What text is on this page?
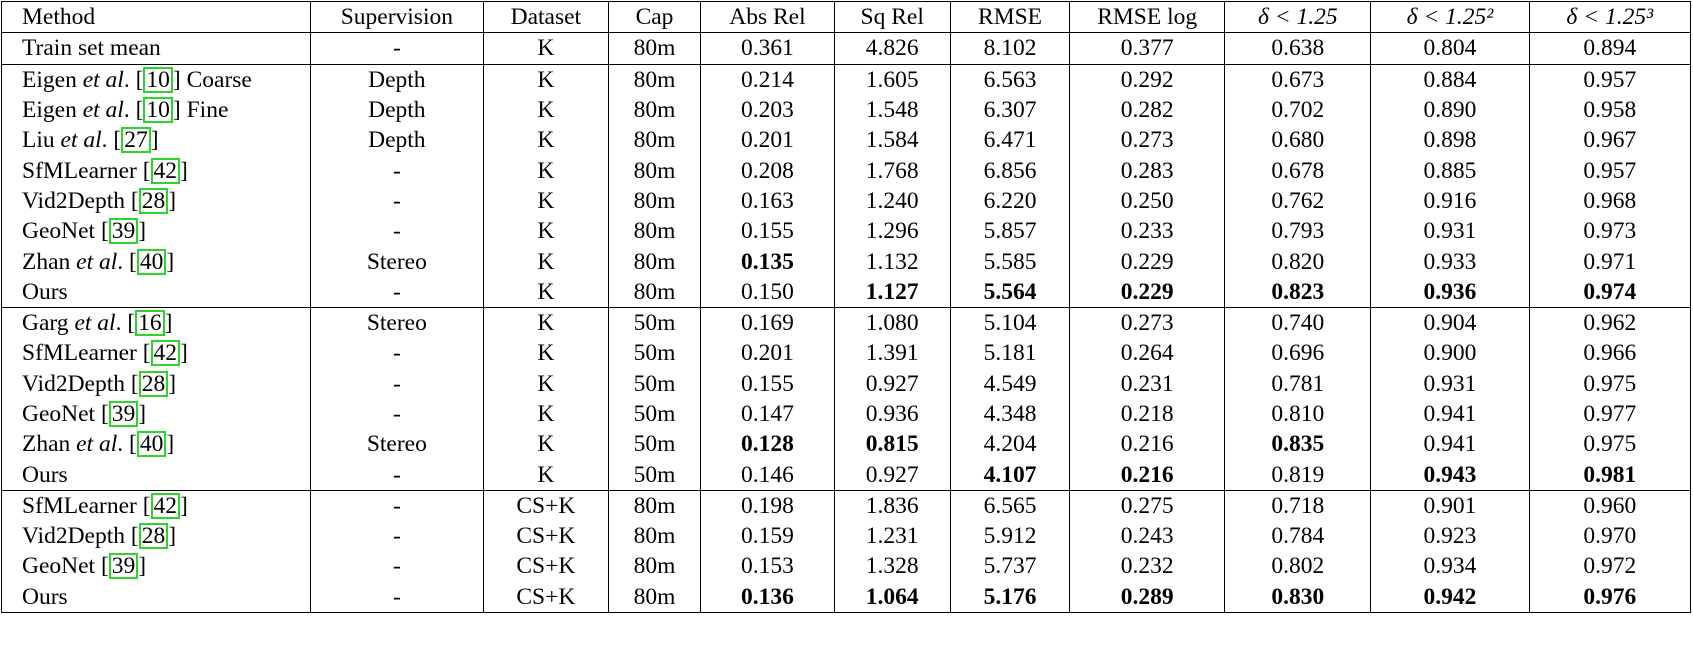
Method	Supervision	Dataset	Cap	Abs Rel	Sq Rel	RMSE	RMSE log	δ < 1.25	δ < 1.25²	δ < 1.25³
Train set mean	-	K	80m	0.361	4.826	8.102	0.377	0.638	0.804	0.894
Eigen et al. [ 10 ] Coarse	Depth	K	80m	0.214	1.605	6.563	0.292	0.673	0.884	0.957
Eigen et al. [ 10 ] Fine	Depth	K	80m	0.203	1.548	6.307	0.282	0.702	0.890	0.958
Liu et al. [ 27 ]	Depth	K	80m	0.201	1.584	6.471	0.273	0.680	0.898	0.967
SfMLearner [ 42 ]	-	K	80m	0.208	1.768	6.856	0.283	0.678	0.885	0.957
Vid2Depth [ 28 ]	-	K	80m	0.163	1.240	6.220	0.250	0.762	0.916	0.968
GeoNet [ 39 ]	-	K	80m	0.155	1.296	5.857	0.233	0.793	0.931	0.973
Zhan et al. [ 40 ]	Stereo	K	80m	0.135	1.132	5.585	0.229	0.820	0.933	0.971
Ours	-	K	80m	0.150	1.127	5.564	0.229	0.823	0.936	0.974
Garg et al. [ 16 ]	Stereo	K	50m	0.169	1.080	5.104	0.273	0.740	0.904	0.962
SfMLearner [ 42 ]	-	K	50m	0.201	1.391	5.181	0.264	0.696	0.900	0.966
Vid2Depth [ 28 ]	-	K	50m	0.155	0.927	4.549	0.231	0.781	0.931	0.975
GeoNet [ 39 ]	-	K	50m	0.147	0.936	4.348	0.218	0.810	0.941	0.977
Zhan et al. [ 40 ]	Stereo	K	50m	0.128	0.815	4.204	0.216	0.835	0.941	0.975
Ours	-	K	50m	0.146	0.927	4.107	0.216	0.819	0.943	0.981
SfMLearner [ 42 ]	-	CS+K	80m	0.198	1.836	6.565	0.275	0.718	0.901	0.960
Vid2Depth [ 28 ]	-	CS+K	80m	0.159	1.231	5.912	0.243	0.784	0.923	0.970
GeoNet [ 39 ]	-	CS+K	80m	0.153	1.328	5.737	0.232	0.802	0.934	0.972
Ours	-	CS+K	80m	0.136	1.064	5.176	0.289	0.830	0.942	0.976
